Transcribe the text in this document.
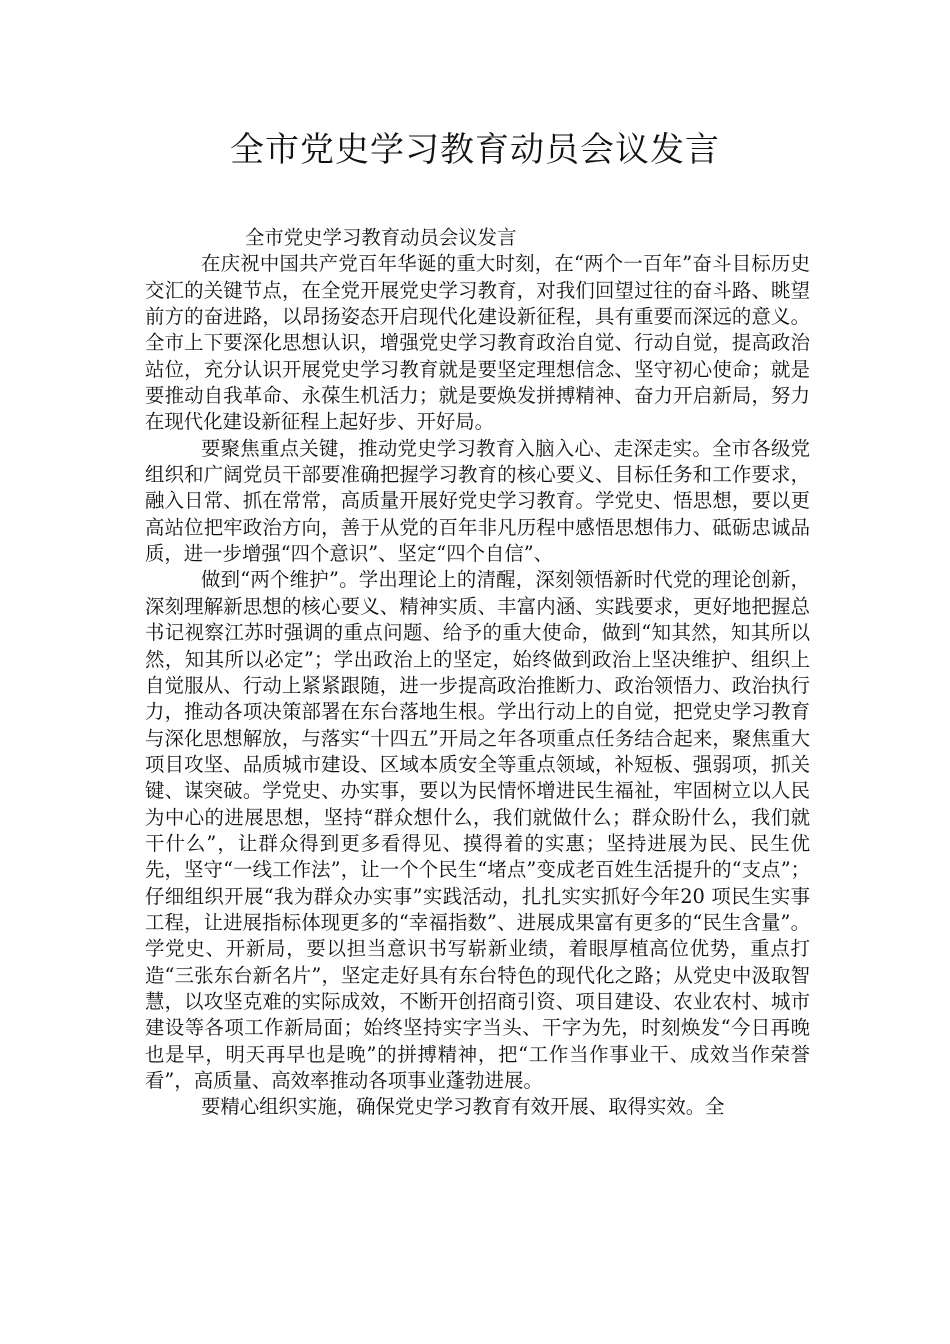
全市党史学习教育动员会议发言

全市党史学习教育动员会议发言

在庆祝中国共产党百年华诞的重大时刻，在“两个一百年”奋斗目标历史交汇的关键节点，在全党开展党史学习教育，对我们回望过往的奋斗路、眺望前方的奋进路，以昂扬姿态开启现代化建设新征程，具有重要而深远的意义。全市上下要深化思想认识，增强党史学习教育政治自觉、行动自觉，提高政治站位，充分认识开展党史学习教育就是要坚定理想信念、坚守初心使命；就是要推动自我革命、永葆生机活力；就是要焕发拼搏精神、奋力开启新局，努力在现代化建设新征程上起好步、开好局。

要聚焦重点关键，推动党史学习教育入脑入心、走深走实。全市各级党组织和广阔党员干部要准确把握学习教育的核心要义、目标任务和工作要求，融入日常、抓在常常，高质量开展好党史学习教育。学党史、悟思想，要以更高站位把牢政治方向，善于从党的百年非凡历程中感悟思想伟力、砥砺忠诚品质，进一步增强“四个意识”、坚定“四个自信”、

做到“两个维护”。学出理论上的清醒，深刻领悟新时代党的理论创新，深刻理解新思想的核心要义、精神实质、丰富内涵、实践要求，更好地把握总书记视察江苏时强调的重点问题、给予的重大使命，做到“知其然，知其所以然，知其所以必定”；学出政治上的坚定，始终做到政治上坚决维护、组织上自觉服从、行动上紧紧跟随，进一步提高政治推断力、政治领悟力、政治执行力，推动各项决策部署在东台落地生根。学出行动上的自觉，把党史学习教育与深化思想解放，与落实“十四五”开局之年各项重点任务结合起来，聚焦重大项目攻坚、品质城市建设、区域本质安全等重点领域，补短板、强弱项，抓关键、谋突破。学党史、办实事，要以为民情怀增进民生福祉，牢固树立以人民为中心的进展思想，坚持“群众想什么，我们就做什么；群众盼什么，我们就干什么”，让群众得到更多看得见、摸得着的实惠；坚持进展为民、民生优先，坚守“一线工作法”，让一个个民生“堵点”变成老百姓生活提升的“支点”；仔细组织开展“我为群众办实事”实践活动，扎扎实实抓好今年20 项民生实事工程，让进展指标体现更多的“幸福指数”、进展成果富有更多的“民生含量”。学党史、开新局，要以担当意识书写崭新业绩，着眼厚植高位优势，重点打造“三张东台新名片”，坚定走好具有东台特色的现代化之路；从党史中汲取智慧，以攻坚克难的实际成效，不断开创招商引资、项目建设、农业农村、城市建设等各项工作新局面；始终坚持实字当头、干字为先，时刻焕发“今日再晚也是早，明天再早也是晚”的拼搏精神，把“工作当作事业干、成效当作荣誉看”，高质量、高效率推动各项事业蓬勃进展。

要精心组织实施，确保党史学习教育有效开展、取得实效。全
